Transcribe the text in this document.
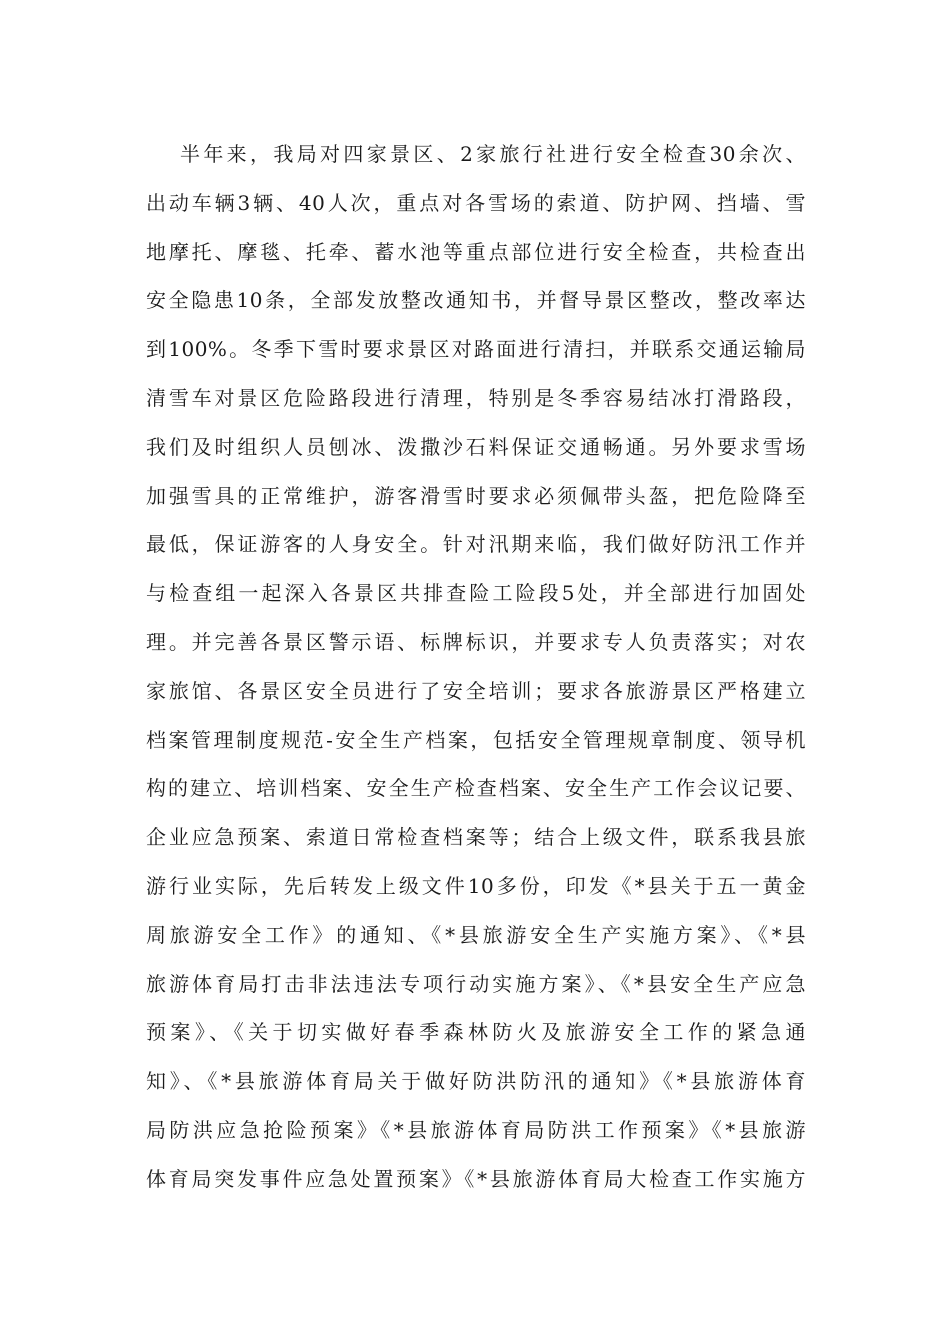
半年来，我局对四家景区、2家旅行社进行安全检查30余次、
出动车辆3辆、40人次，重点对各雪场的索道、防护网、挡墙、雪
地摩托、摩毯、托牵、蓄水池等重点部位进行安全检查，共检查出
安全隐患10条，全部发放整改通知书，并督导景区整改，整改率达
到100%。冬季下雪时要求景区对路面进行清扫，并联系交通运输局
清雪车对景区危险路段进行清理，特别是冬季容易结冰打滑路段，
我们及时组织人员刨冰、泼撒沙石料保证交通畅通。另外要求雪场
加强雪具的正常维护，游客滑雪时要求必须佩带头盔，把危险降至
最低，保证游客的人身安全。针对汛期来临，我们做好防汛工作并
与检查组一起深入各景区共排查险工险段5处，并全部进行加固处
理。并完善各景区警示语、标牌标识，并要求专人负责落实；对农
家旅馆、各景区安全员进行了安全培训；要求各旅游景区严格建立
档案管理制度规范-安全生产档案，包括安全管理规章制度、领导机
构的建立、培训档案、安全生产检查档案、安全生产工作会议记要、
企业应急预案、索道日常检查档案等；结合上级文件，联系我县旅
游行业实际，先后转发上级文件10多份，印发《*县关于五一黄金
周旅游安全工作》的通知、《*县旅游安全生产实施方案》、《*县
旅游体育局打击非法违法专项行动实施方案》、《*县安全生产应急
预案》、《关于切实做好春季森林防火及旅游安全工作的紧急通
知》、《*县旅游体育局关于做好防洪防汛的通知》《*县旅游体育
局防洪应急抢险预案》《*县旅游体育局防洪工作预案》《*县旅游
体育局突发事件应急处置预案》《*县旅游体育局大检查工作实施方
